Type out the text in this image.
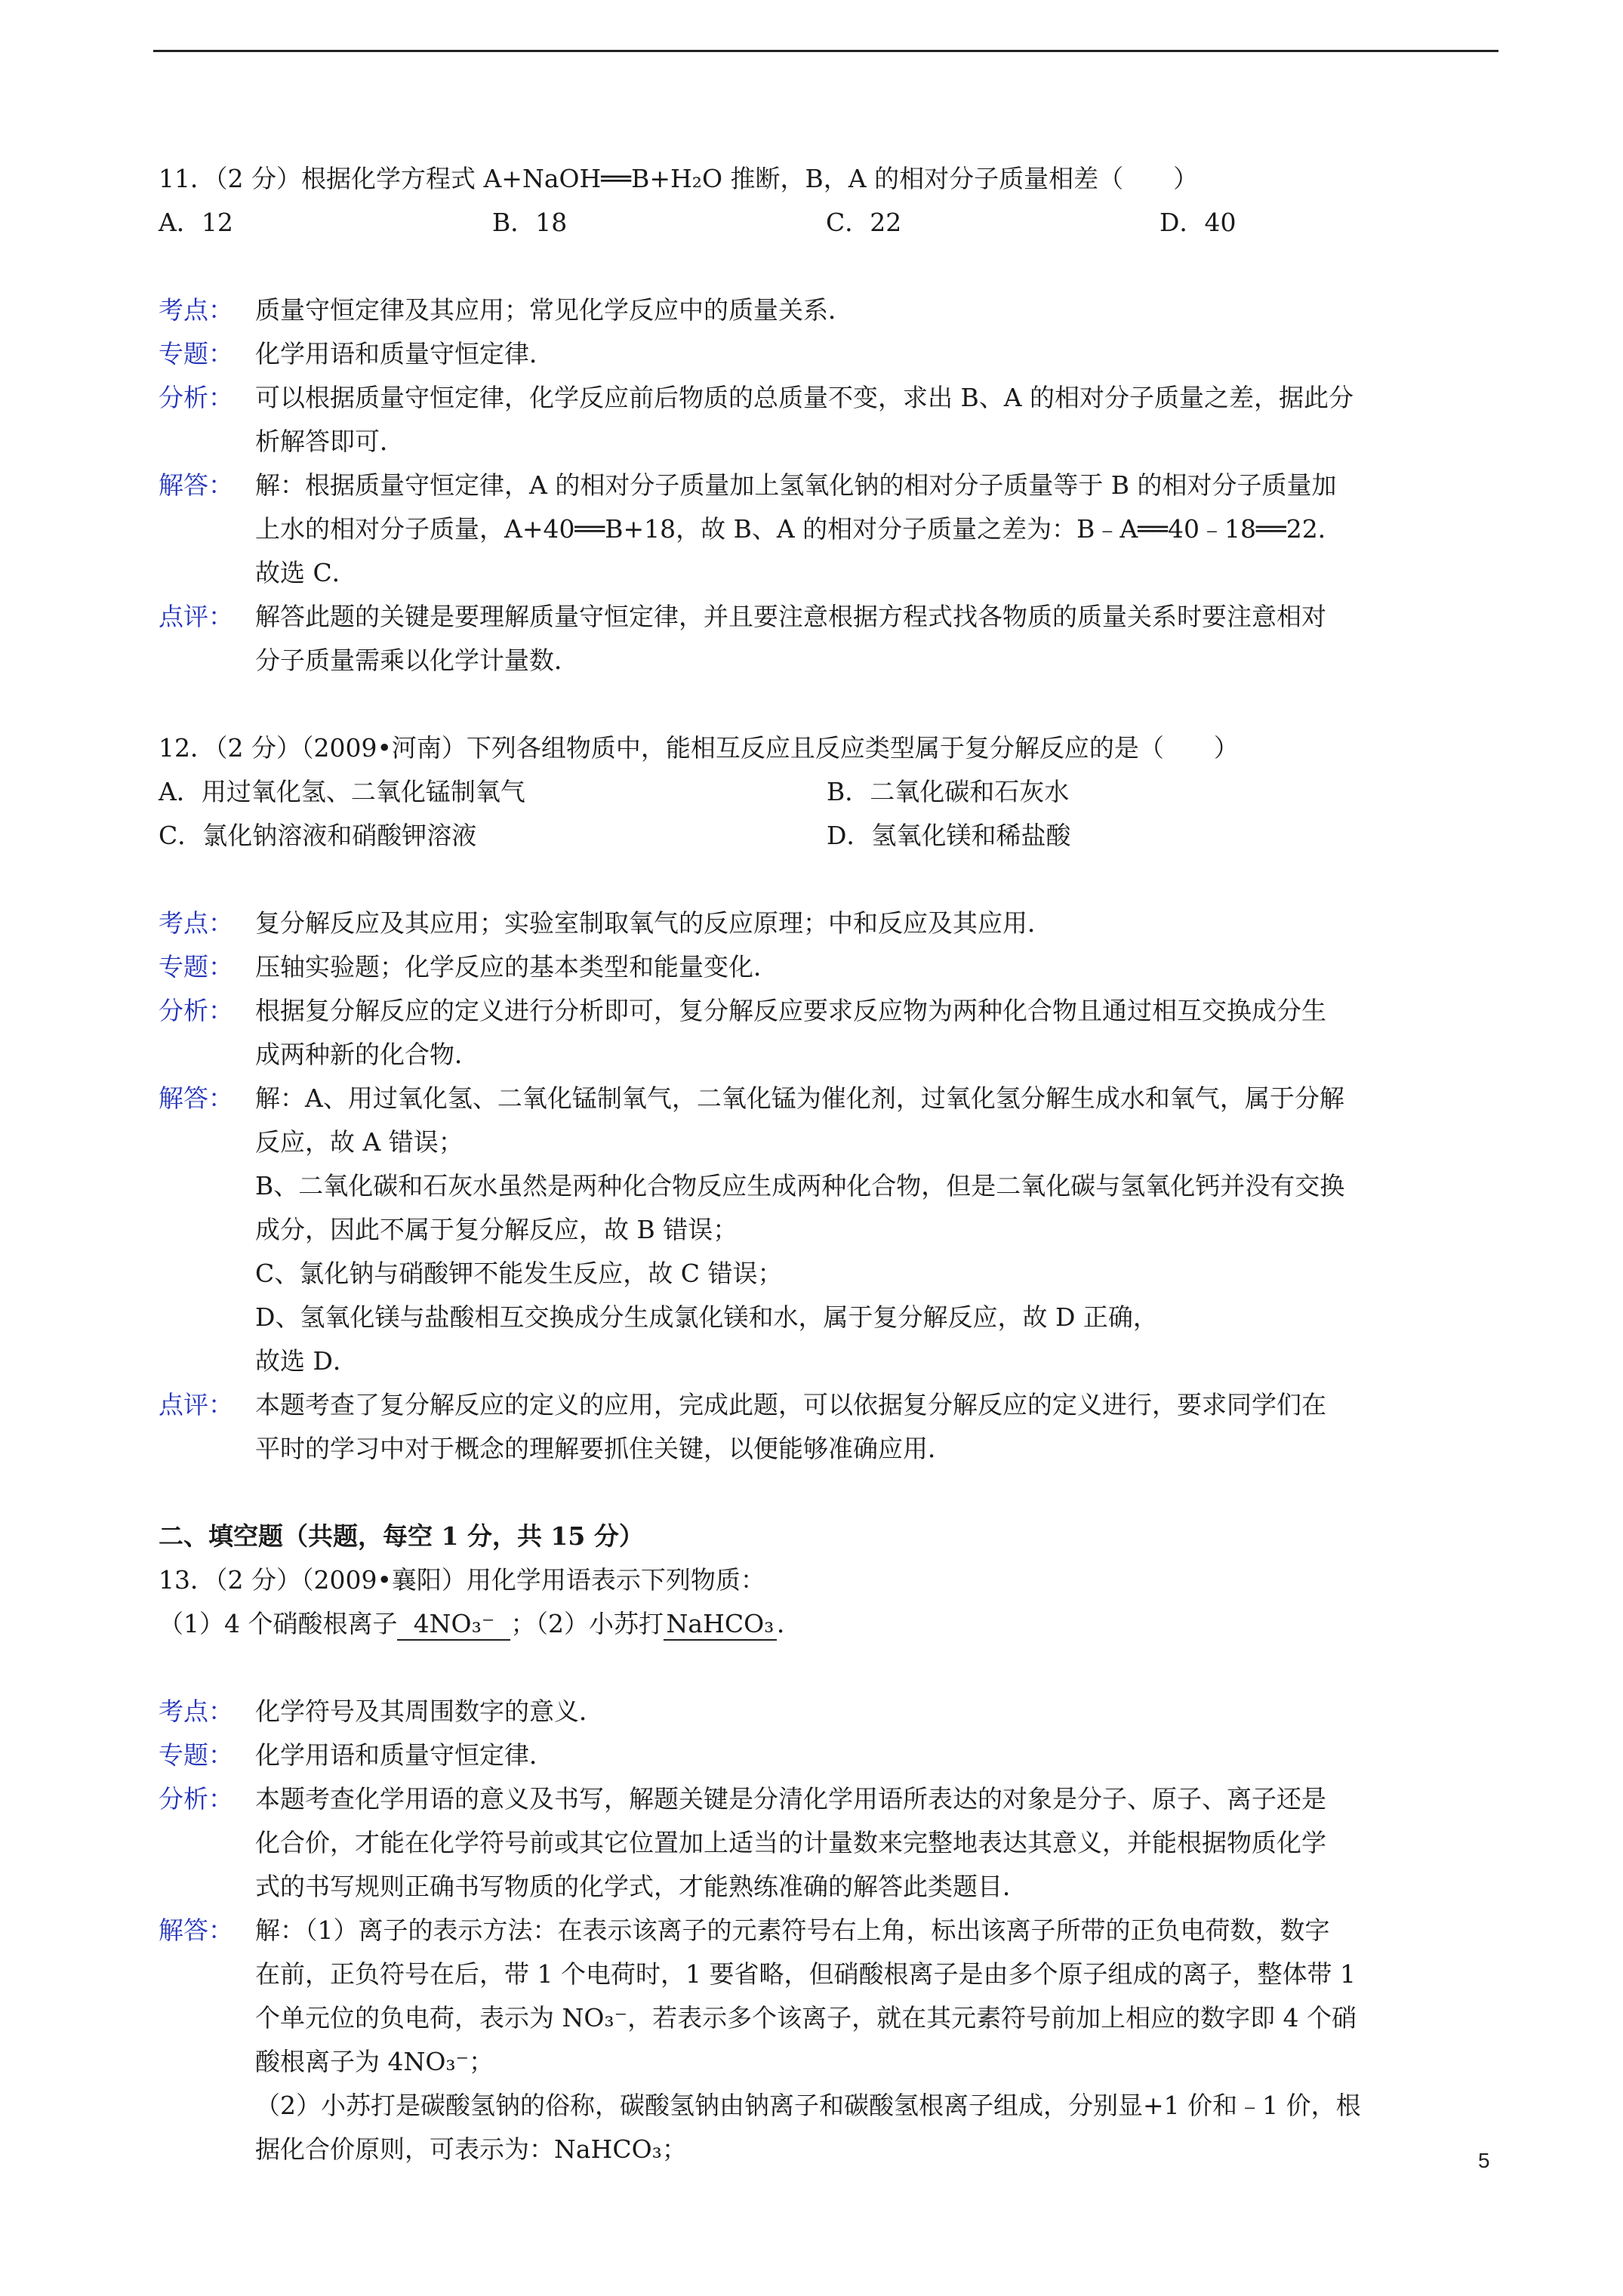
11．（2 分）根据化学方程式 A+NaOH══B+H₂O 推断，B，A 的相对分子质量相差（　　）
A．12	B．18	C．22	D．40
考点： 质量守恒定律及其应用；常见化学反应中的质量关系．
专题： 化学用语和质量守恒定律．
分析： 可以根据质量守恒定律，化学反应前后物质的总质量不变，求出 B、A 的相对分子质量之差，据此分
析解答即可．
解答： 解：根据质量守恒定律，A 的相对分子质量加上氢氧化钠的相对分子质量等于 B 的相对分子质量加
上水的相对分子质量，A+40══B+18，故 B、A 的相对分子质量之差为：B﹣A══40﹣18══22．
故选 C．
点评： 解答此题的关键是要理解质量守恒定律，并且要注意根据方程式找各物质的质量关系时要注意相对
分子质量需乘以化学计量数．
12．（2 分）（2009•河南）下列各组物质中，能相互反应且反应类型属于复分解反应的是（　　）
A．用过氧化氢、二氧化锰制氧气	B．二氧化碳和石灰水
C．氯化钠溶液和硝酸钾溶液	D．氢氧化镁和稀盐酸
考点： 复分解反应及其应用；实验室制取氧气的反应原理；中和反应及其应用．
专题： 压轴实验题；化学反应的基本类型和能量变化．
分析： 根据复分解反应的定义进行分析即可，复分解反应要求反应物为两种化合物且通过相互交换成分生
成两种新的化合物．
解答： 解：A、用过氧化氢、二氧化锰制氧气，二氧化锰为催化剂，过氧化氢分解生成水和氧气，属于分解
反应，故 A 错误；
B、二氧化碳和石灰水虽然是两种化合物反应生成两种化合物，但是二氧化碳与氢氧化钙并没有交换
成分，因此不属于复分解反应，故 B 错误；
C、氯化钠与硝酸钾不能发生反应，故 C 错误；
D、氢氧化镁与盐酸相互交换成分生成氯化镁和水，属于复分解反应，故 D 正确，
故选 D．
点评： 本题考查了复分解反应的定义的应用，完成此题，可以依据复分解反应的定义进行，要求同学们在
平时的学习中对于概念的理解要抓住关键，以便能够准确应用．
二、填空题（共题，每空 1 分，共 15 分）
13．（2 分）（2009•襄阳）用化学用语表示下列物质：
（1）4 个硝酸根离子 4NO₃⁻ ；（2）小苏打 NaHCO₃ ．
考点： 化学符号及其周围数字的意义．
专题： 化学用语和质量守恒定律．
分析： 本题考查化学用语的意义及书写，解题关键是分清化学用语所表达的对象是分子、原子、离子还是
化合价，才能在化学符号前或其它位置加上适当的计量数来完整地表达其意义，并能根据物质化学
式的书写规则正确书写物质的化学式，才能熟练准确的解答此类题目．
解答： 解：（1）离子的表示方法：在表示该离子的元素符号右上角，标出该离子所带的正负电荷数，数字
在前，正负符号在后，带 1 个电荷时，1 要省略，但硝酸根离子是由多个原子组成的离子，整体带 1
个单元位的负电荷，表示为 NO₃⁻，若表示多个该离子，就在其元素符号前加上相应的数字即 4 个硝
酸根离子为 4NO₃⁻；
（2）小苏打是碳酸氢钠的俗称，碳酸氢钠由钠离子和碳酸氢根离子组成，分别显+1 价和﹣1 价，根
据化合价原则，可表示为：NaHCO₃；	5
